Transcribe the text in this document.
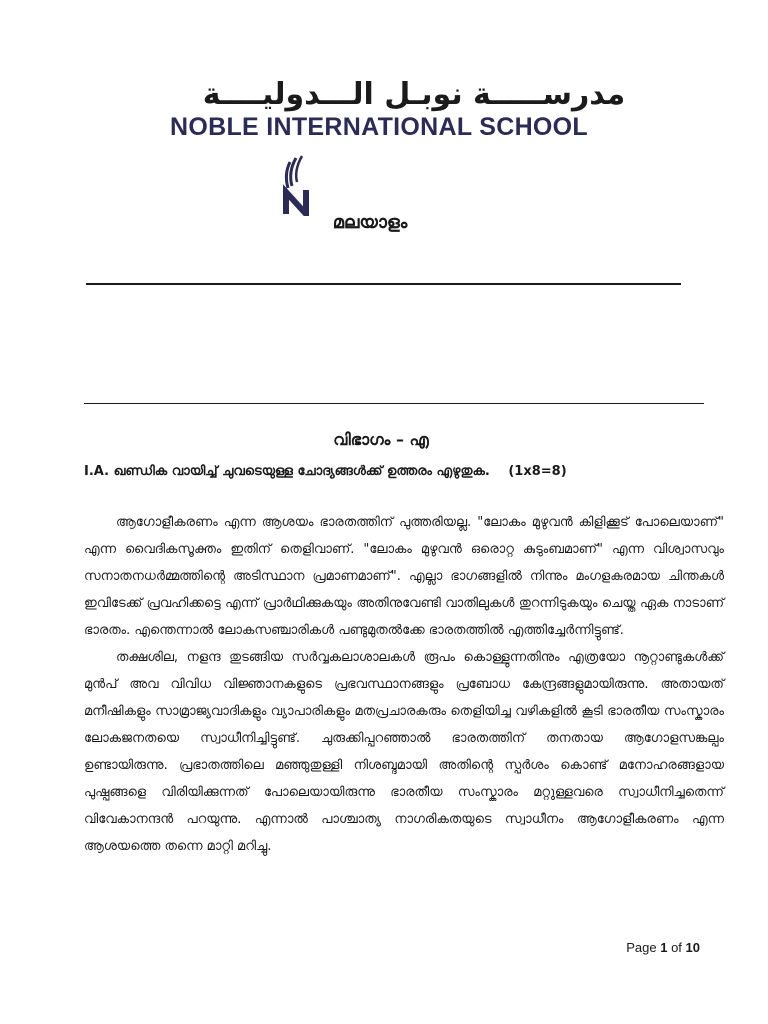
مدرســـــة نوبـل الـــدوليــــة
NOBLE INTERNATIONAL SCHOOL
മലയാളം
വിഭാഗം – എ
I.A. ഖണ്ഡിക വായിച്ച് ചുവടെയുള്ള ചോദ്യങ്ങൾക്ക് ഉത്തരം എഴുതുക. (1x8=8)

ആഗോളീകരണം എന്ന ആശയം ഭാരതത്തിന് പുത്തരിയല്ല. "ലോകം മുഴുവൻ കിളിക്കൂട് പോലെയാണ്" എന്ന വൈദികസൂക്തം ഇതിന് തെളിവാണ്. "ലോകം മുഴുവൻ ഒരൊറ്റ കുടുംബമാണ്" എന്ന വിശ്വാസവും സനാതനധർമ്മത്തിന്റെ അടിസ്ഥാന പ്രമാണമാണ്". എല്ലാ ഭാഗങ്ങളിൽ നിന്നും മംഗളകരമായ ചിന്തകൾ ഇവിടേക്ക് പ്രവഹിക്കട്ടെ എന്ന് പ്രാർഥിക്കുകയും അതിനുവേണ്ടി വാതിലുകൾ തുറന്നിടുകയും ചെയ്ത ഏക നാടാണ് ഭാരതം. എന്തെന്നാൽ ലോകസഞ്ചാരികൾ പണ്ടുമുതൽക്കേ ഭാരതത്തിൽ എത്തിച്ചേർന്നിട്ടുണ്ട്.

തക്ഷശില, നളന്ദ തുടങ്ങിയ സർവ്വകലാശാലകൾ രൂപം കൊള്ളുന്നതിനും എത്രയോ നൂറ്റാണ്ടുകൾക്ക് മുൻപ് അവ വിവിധ വിജ്ഞാനകളുടെ പ്രഭവസ്ഥാനങ്ങളും പ്രബോധ കേന്ദ്രങ്ങളുമായിരുന്നു. അതായത് മനീഷികളും സാമ്രാജ്യവാദികളും വ്യാപാരികളും മതപ്രചാരകരും തെളിയിച്ച വഴികളിൽ കൂടി ഭാരതീയ സംസ്കാരം ലോകജനതയെ സ്വാധീനിച്ചിട്ടുണ്ട്. ചുരുക്കിപ്പറഞ്ഞാൽ ഭാരതത്തിന് തനതായ ആഗോളസങ്കല്പം ഉണ്ടായിരുന്നു. പ്രഭാതത്തിലെ മഞ്ഞുതുള്ളി നിശബ്ദമായി അതിന്റെ സ്പർശം കൊണ്ട് മനോഹരങ്ങളായ പുഷ്പങ്ങളെ വിരിയിക്കുന്നത് പോലെയായിരുന്നു ഭാരതീയ സംസ്കാരം മറ്റുള്ളവരെ സ്വാധീനിച്ചതെന്ന് വിവേകാനന്ദൻ പറയുന്നു. എന്നാൽ പാശ്ചാത്യ നാഗരികതയുടെ സ്വാധീനം ആഗോളീകരണം എന്ന ആശയത്തെ തന്നെ മാറ്റി മറിച്ചു.

Page 1 of 10
